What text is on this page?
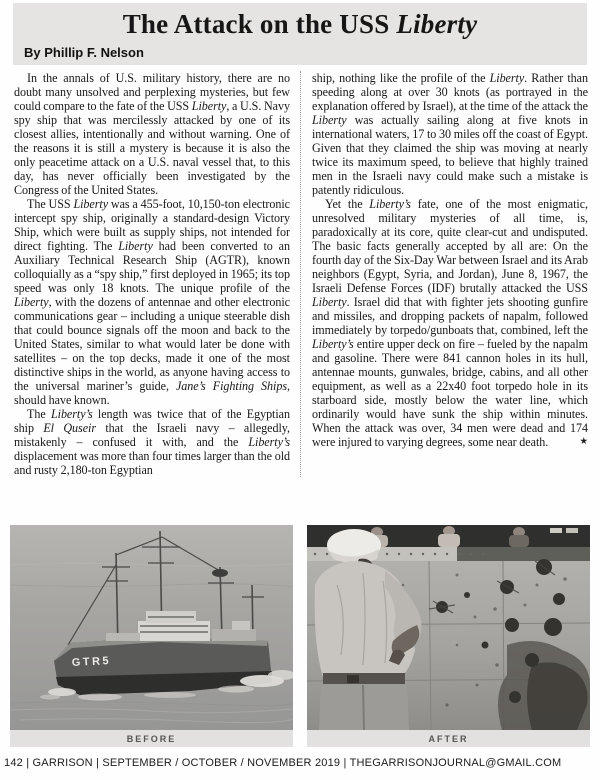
The Attack on the USS Liberty
By Phillip F. Nelson

In the annals of U.S. military history, there are no doubt many unsolved and perplexing mysteries, but few could compare to the fate of the USS Liberty, a U.S. Navy spy ship that was mercilessly attacked by one of its closest allies, intentionally and without warning. One of the reasons it is still a mystery is because it is also the only peacetime attack on a U.S. naval vessel that, to this day, has never officially been investigated by the Congress of the United States.

The USS Liberty was a 455-foot, 10,150-ton electronic intercept spy ship, originally a standard-design Victory Ship, which were built as supply ships, not intended for direct fighting. The Liberty had been converted to an Auxiliary Technical Research Ship (AGTR), known colloquially as a “spy ship,” first deployed in 1965; its top speed was only 18 knots. The unique profile of the Liberty, with the dozens of antennae and other electronic communications gear – including a unique steerable dish that could bounce signals off the moon and back to the United States, similar to what would later be done with satellites – on the top decks, made it one of the most distinctive ships in the world, as anyone having access to the universal mariner’s guide, Jane’s Fighting Ships, should have known.

The Liberty’s length was twice that of the Egyptian ship El Quseir that the Israeli navy – allegedly, mistakenly – confused it with, and the Liberty’s displacement was more than four times larger than the old and rusty 2,180-ton Egyptian

ship, nothing like the profile of the Liberty. Rather than speeding along at over 30 knots (as portrayed in the explanation offered by Israel), at the time of the attack the Liberty was actually sailing along at five knots in international waters, 17 to 30 miles off the coast of Egypt. Given that they claimed the ship was moving at nearly twice its maximum speed, to believe that highly trained men in the Israeli navy could make such a mistake is patently ridiculous.

Yet the Liberty’s fate, one of the most enigmatic, unresolved military mysteries of all time, is, paradoxically at its core, quite clear-cut and undisputed. The basic facts generally accepted by all are: On the fourth day of the Six-Day War between Israel and its Arab neighbors (Egypt, Syria, and Jordan), June 8, 1967, the Israeli Defense Forces (IDF) brutally attacked the USS Liberty. Israel did that with fighter jets shooting gunfire and missiles, and dropping packets of napalm, followed immediately by torpedo/gunboats that, combined, left the Liberty’s entire upper deck on fire – fueled by the napalm and gasoline. There were 841 cannon holes in its hull, antennae mounts, gunwales, bridge, cabins, and all other equipment, as well as a 22x40 foot torpedo hole in its starboard side, mostly below the water line, which ordinarily would have sunk the ship within minutes. When the attack was over, 34 men were dead and 174 were injured to varying degrees, some near death.	★

GTR5
BEFORE	AFTER
142 | GARRISON | SEPTEMBER / OCTOBER / NOVEMBER 2019 | THEGARRISONJOURNAL@GMAIL.COM
